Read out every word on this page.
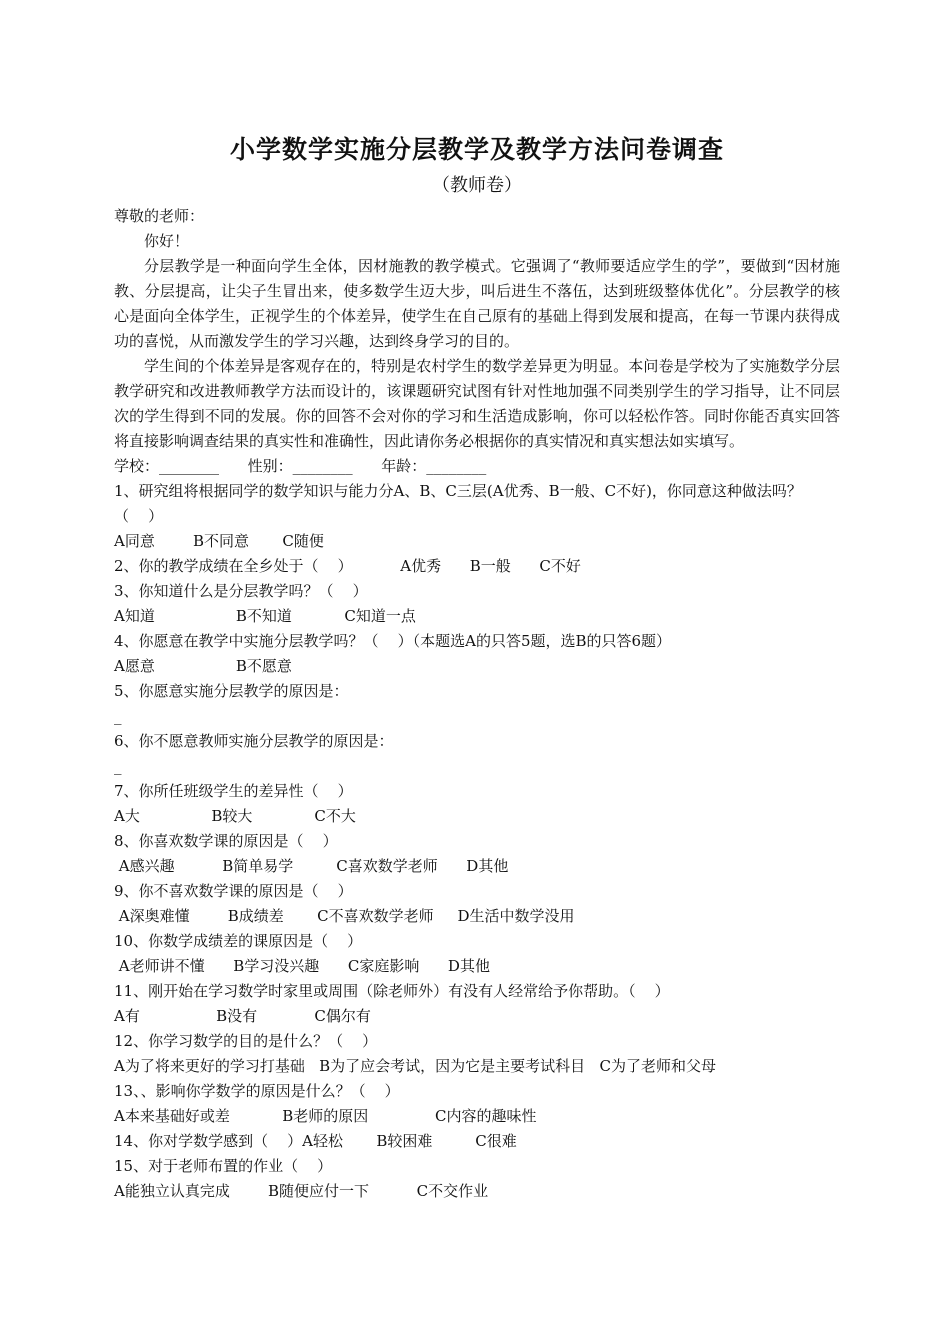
小学数学实施分层教学及教学方法问卷调查
（教师卷）
尊敬的老师：
你好！
分层教学是一种面向学生全体，因材施教的教学模式。它强调了“教师要适应学生的学”，要做到“因材施教、分层提高，让尖子生冒出来，使多数学生迈大步，叫后进生不落伍，达到班级整体优化”。分层教学的核心是面向全体学生，正视学生的个体差异，使学生在自己原有的基础上得到发展和提高，在每一节课内获得成功的喜悦，从而激发学生的学习兴趣，达到终身学习的目的。
学生间的个体差异是客观存在的，特别是农村学生的数学差异更为明显。本问卷是学校为了实施数学分层教学研究和改进教师教学方法而设计的，该课题研究试图有针对性地加强不同类别学生的学习指导，让不同层次的学生得到不同的发展。你的回答不会对你的学习和生活造成影响，你可以轻松作答。同时你能否真实回答将直接影响调查结果的真实性和准确性，因此请你务必根据你的真实情况和真实想法如实填写。
学校：________      性别：________      年龄：________
1、研究组将根据同学的数学知识与能力分A、B、C三层(A优秀、B一般、C不好)，你同意这种做法吗？
（    ）
A同意        B不同意       C随便
2、你的教学成绩在全乡处于（    ）          A优秀      B一般      C不好
3、你知道什么是分层教学吗？（    ）
A知道                 B不知道           C知道一点
4、你愿意在教学中实施分层教学吗？（    ）（本题选A的只答5题，选B的只答6题）
A愿意                 B不愿意
5、你愿意实施分层教学的原因是：
_
6、你不愿意教师实施分层教学的原因是：
_
7、你所任班级学生的差异性（    ）
A大               B较大             C不大
8、你喜欢数学课的原因是（    ）
A感兴趣          B简单易学         C喜欢数学老师      D其他
9、你不喜欢数学课的原因是（    ）
A深奥难懂        B成绩差       C不喜欢数学老师     D生活中数学没用
10、你数学成绩差的课原因是（    ）
A老师讲不懂      B学习没兴趣      C家庭影响      D其他
11、刚开始在学习数学时家里或周围（除老师外）有没有人经常给予你帮助。（    ）
A有                B没有            C偶尔有
12、你学习数学的目的是什么？（    ）
A为了将来更好的学习打基础   B为了应会考试，因为它是主要考试科目   C为了老师和父母
13、、影响你学数学的原因是什么？（    ）
A本来基础好或差           B老师的原因              C内容的趣味性
14、你对学数学感到（    ）A轻松       B较困难         C很难
15、对于老师布置的作业（    ）
A能独立认真完成        B随便应付一下          C不交作业
